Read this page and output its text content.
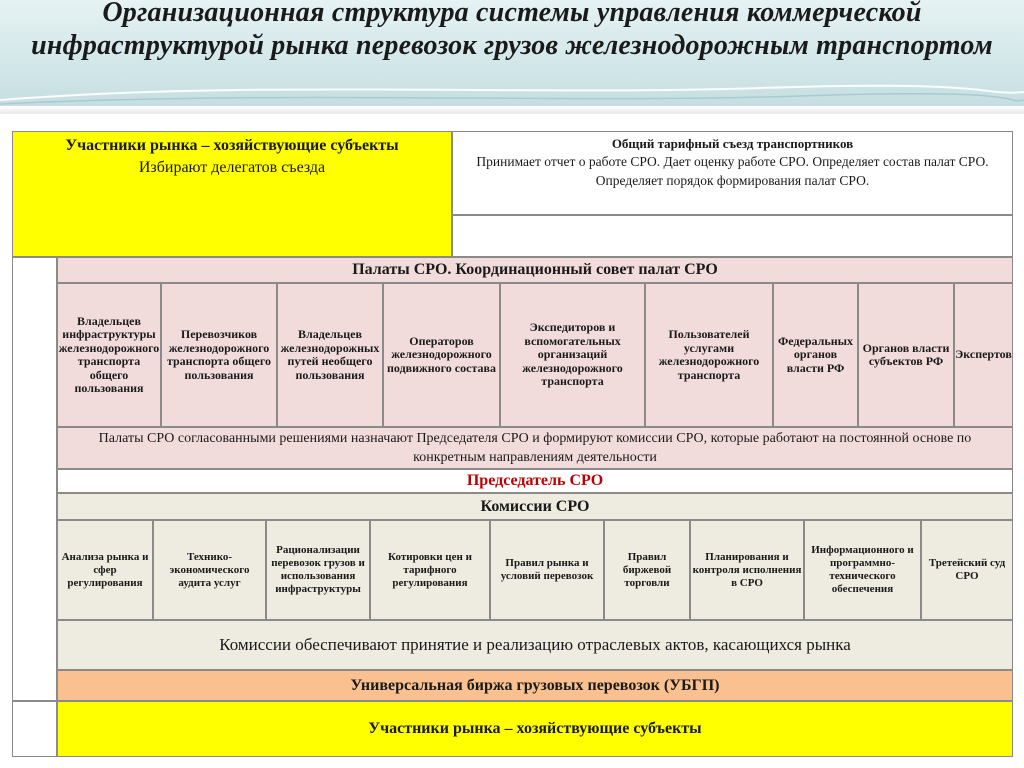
Организационная структура системы управления коммерческой инфраструктурой рынка перевозок грузов железнодорожным транспортом
Участники рынка – хозяйствующие субъекты
Избирают делегатов съезда
Общий тарифный съезд транспортников
Принимает отчет о работе СРО. Дает оценку работе СРО. Определяет состав палат СРО. Определяет порядок формирования палат СРО.
Палаты СРО. Координационный совет палат СРО
Владельцев инфраструктуры железнодорожного транспорта общего пользования
Перевозчиков железнодорожного транспорта общего пользования
Владельцев железнодорожных путей необщего пользования
Операторов железнодорожного подвижного состава
Экспедиторов и вспомогательных организаций железнодорожного транспорта
Пользователей услугами железнодорожного транспорта
Федеральных органов власти РФ
Органов власти субъектов РФ Экспертов
Палаты СРО согласованными решениями назначают Председателя СРО и формируют комиссии СРО, которые работают на постоянной основе по конкретным направлениям деятельности
Председатель СРО
Комиссии СРО
Анализа рынка и сфер регулирования
Технико-экономического аудита услуг
Рационализации перевозок грузов и использования инфраструктуры
Котировки цен и тарифного регулирования
Правил рынка и условий перевозок
Правил биржевой торговли
Планирования и контроля исполнения в СРО
Информационного и программно-технического обеспечения
Третейский суд СРО
Комиссии обеспечивают принятие и реализацию отраслевых актов, касающихся рынка
Универсальная биржа грузовых перевозок (УБГП)
Участники рынка – хозяйствующие субъекты
